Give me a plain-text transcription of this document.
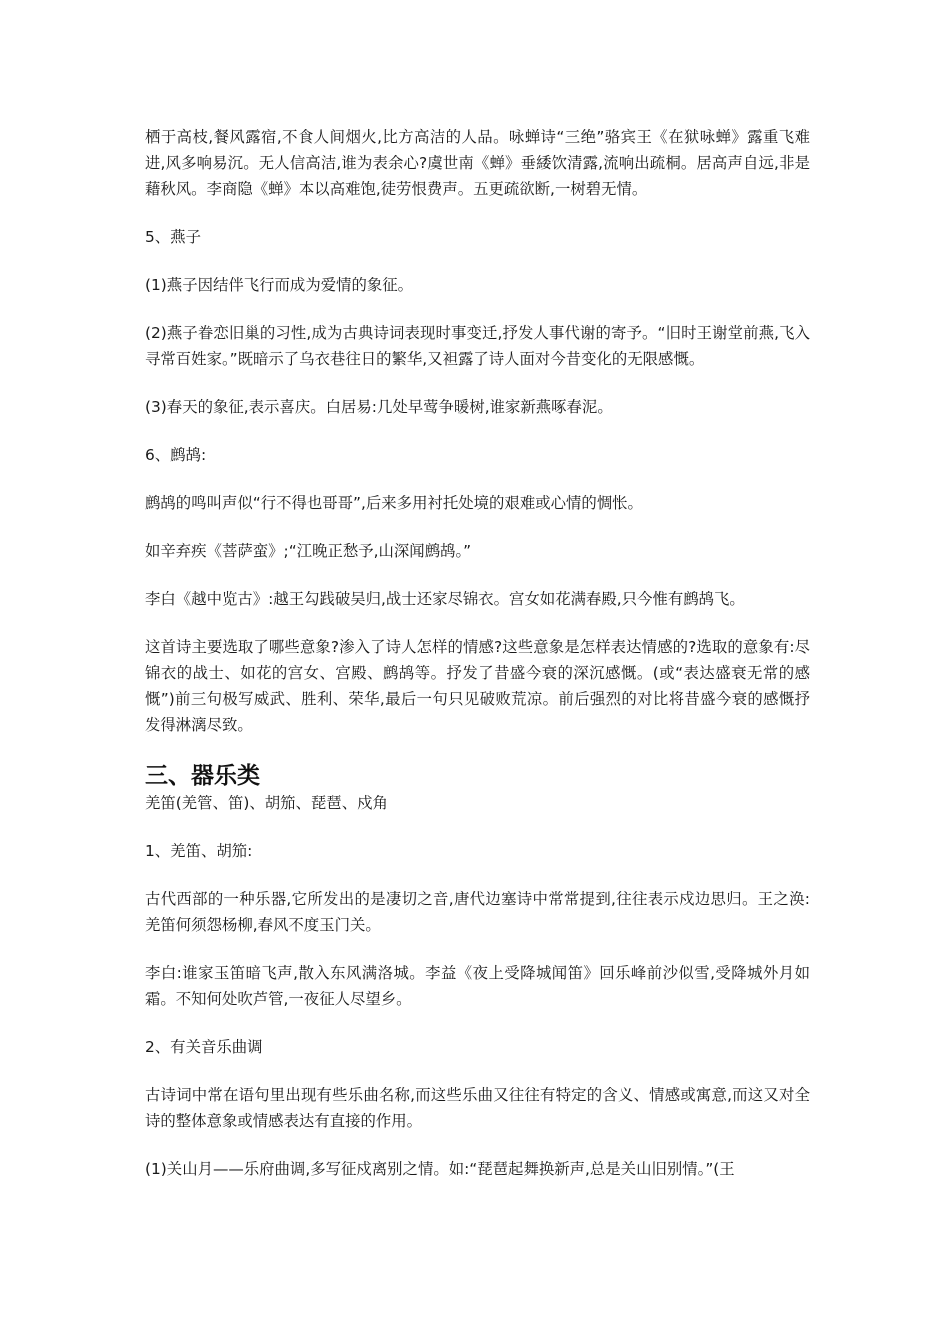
栖于高枝,餐风露宿,不食人间烟火,比方高洁的人品。咏蝉诗“三绝”骆宾王《在狱咏蝉》露重飞难进,风多响易沉。无人信高洁,谁为表余心?虞世南《蝉》垂緌饮清露,流响出疏桐。居高声自远,非是藉秋风。李商隐《蝉》本以高难饱,徒劳恨费声。五更疏欲断,一树碧无情。

5、燕子

(1)燕子因结伴飞行而成为爱情的象征。

(2)燕子眷恋旧巢的习性,成为古典诗词表现时事变迁,抒发人事代谢的寄予。“旧时王谢堂前燕,飞入寻常百姓家。”既暗示了乌衣巷往日的繁华,又袒露了诗人面对今昔变化的无限感慨。

(3)春天的象征,表示喜庆。白居易:几处早莺争暖树,谁家新燕啄春泥。

6、鹧鸪:

鹧鸪的鸣叫声似“行不得也哥哥”,后来多用衬托处境的艰难或心情的惆怅。

如辛弃疾《菩萨蛮》;“江晚正愁予,山深闻鹧鸪。”

李白《越中览古》:越王勾践破吴归,战士还家尽锦衣。宫女如花满春殿,只今惟有鹧鸪飞。

这首诗主要选取了哪些意象?渗入了诗人怎样的情感?这些意象是怎样表达情感的?选取的意象有:尽锦衣的战士、如花的宫女、宫殿、鹧鸪等。抒发了昔盛今衰的深沉感慨。(或“表达盛衰无常的感慨”)前三句极写威武、胜利、荣华,最后一句只见破败荒凉。前后强烈的对比将昔盛今衰的感慨抒发得淋漓尽致。

三、器乐类

羌笛(羌管、笛)、胡笳、琵琶、戍角

1、羌笛、胡笳:

古代西部的一种乐器,它所发出的是凄切之音,唐代边塞诗中常常提到,往往表示戍边思归。王之涣: 羌笛何须怨杨柳,春风不度玉门关。

李白:谁家玉笛暗飞声,散入东风满洛城。李益《夜上受降城闻笛》回乐峰前沙似雪,受降城外月如霜。不知何处吹芦管,一夜征人尽望乡。

2、有关音乐曲调

古诗词中常在语句里出现有些乐曲名称,而这些乐曲又往往有特定的含义、情感或寓意,而这又对全诗的整体意象或情感表达有直接的作用。

(1)关山月——乐府曲调,多写征戍离别之情。如:“琵琶起舞换新声,总是关山旧别情。”(王
